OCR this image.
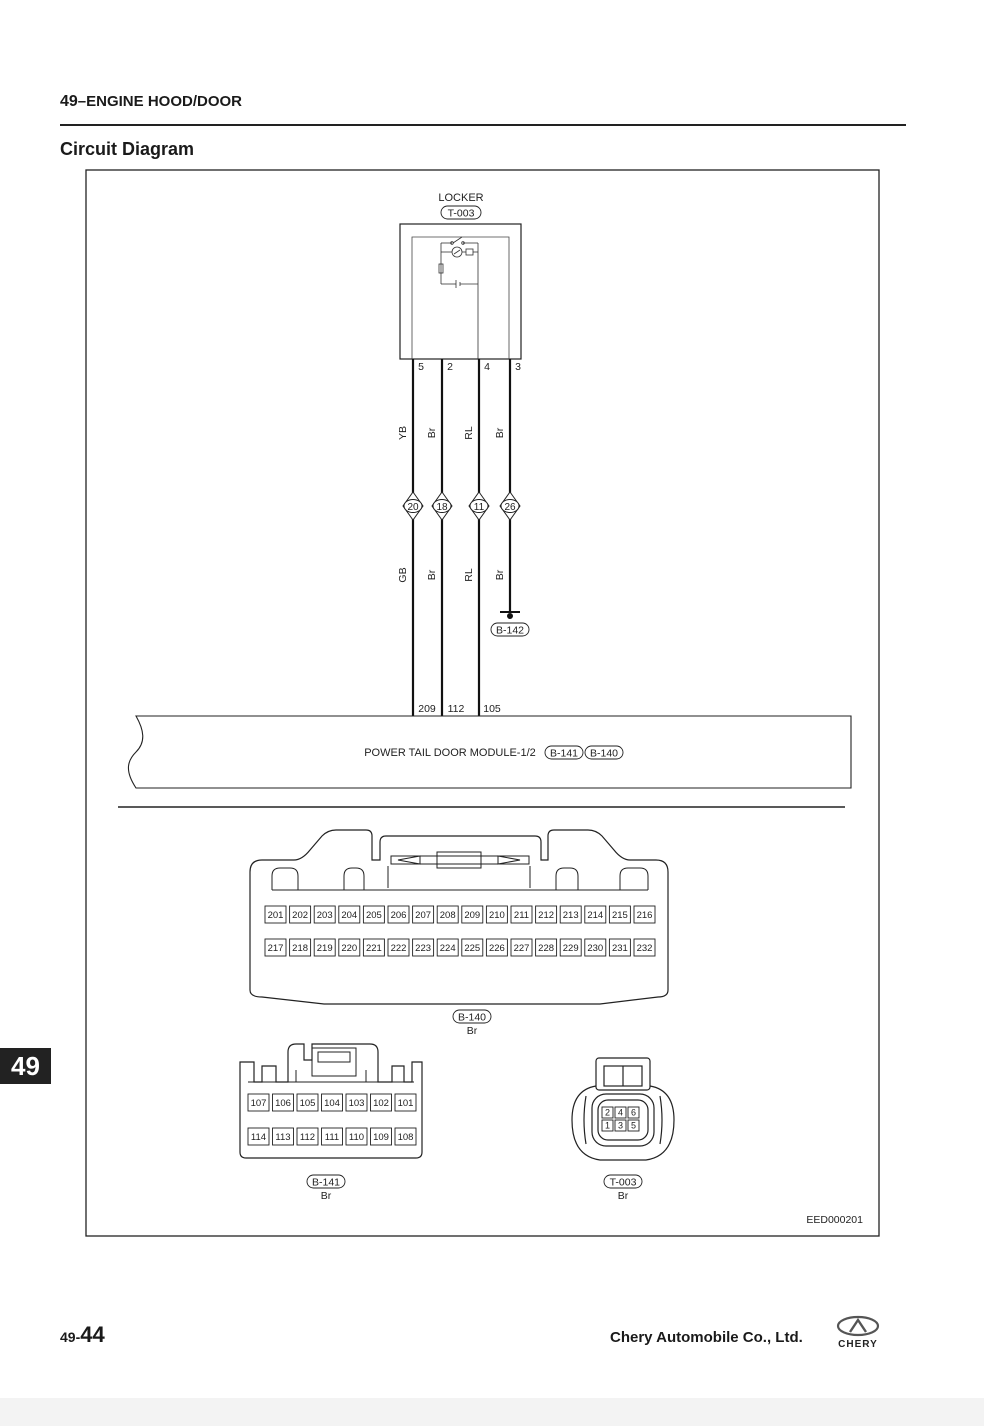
49–ENGINE HOOD/DOOR
Circuit Diagram
LOCKER
T-003
5 2	4 3
YB Br RL Br
20 18	11 26
GB Br RL Br
B-142
209 112 105
POWER TAIL DOOR MODULE-1/2 B-141 B-140
201 202 203 204 205 206 207 208 209 210 211 212 213 214 215 216
217 218 219 220 221 222 223 224 225 226 227 228 229 230 231 232
B-140
Br
107 106 105 104 103 102 101
114 113 112 111 110 109 108
B-141
Br
2 4 6
1 3 5
T-003
Br
EED000201
49
49-44	Chery Automobile Co., Ltd.	CHERY
